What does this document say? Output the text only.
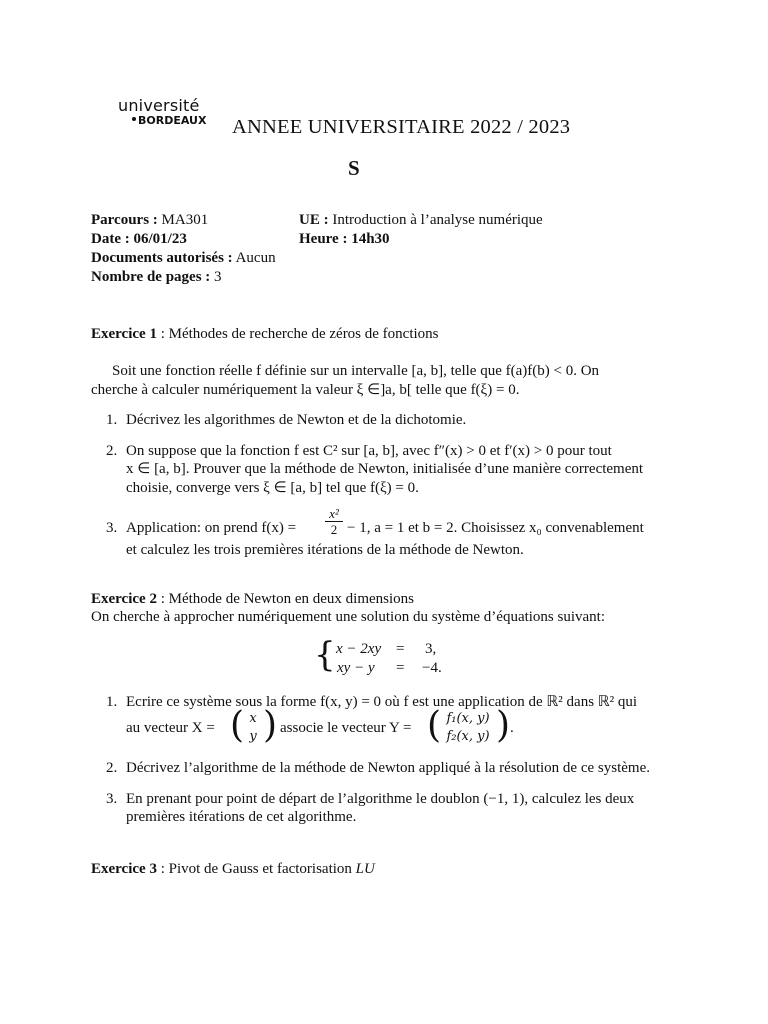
université
BORDEAUX ANNEE UNIVERSITAIRE 2022 / 2023
S
Parcours : MA301	UE : Introduction à l’analyse numérique
Date : 06/01/23	Heure : 14h30
Documents autorisés : Aucun
Nombre de pages : 3
Exercice 1 : Méthodes de recherche de zéros de fonctions
Soit une fonction réelle f définie sur un intervalle [a, b], telle que f(a)f(b) < 0. On
cherche à calculer numériquement la valeur ξ ∈]a, b[ telle que f(ξ) = 0.
1. Décrivez les algorithmes de Newton et de la dichotomie.
2. On suppose que la fonction f est C² sur [a, b], avec f″(x) > 0 et f′(x) > 0 pour tout
x ∈ [a, b]. Prouver que la méthode de Newton, initialisée d’une manière correctement
choisie, converge vers ξ ∈ [a, b] tel que f(ξ) = 0.
3. Application: on prend $f(x) = \frac{\text{x²}}{2} - 1$, a = 1 et b = 2. Choisissez x₀ convenablement
et calculez les trois premières itérations de la méthode de Newton.
Exercice 2 : Méthode de Newton en deux dimensions
On cherche à approcher numériquement une solution du système d’équations suivant:
{ x − 2xy = 3,
xy − y = −4.
1. Ecrire ce système sous la forme f(x, y) = 0 où f est une application de ℝ² dans ℝ² qui
au vecteur X = ( x
y ) associe le vecteur Y = ( f₁(x, y)
f₂(x, y) ) .
2. Décrivez l’algorithme de la méthode de Newton appliqué à la résolution de ce système.
3. En prenant pour point de départ de l’algorithme le doublon (−1, 1), calculez les deux
premières itérations de cet algorithme.
Exercice 3 : Pivot de Gauss et factorisation LU
